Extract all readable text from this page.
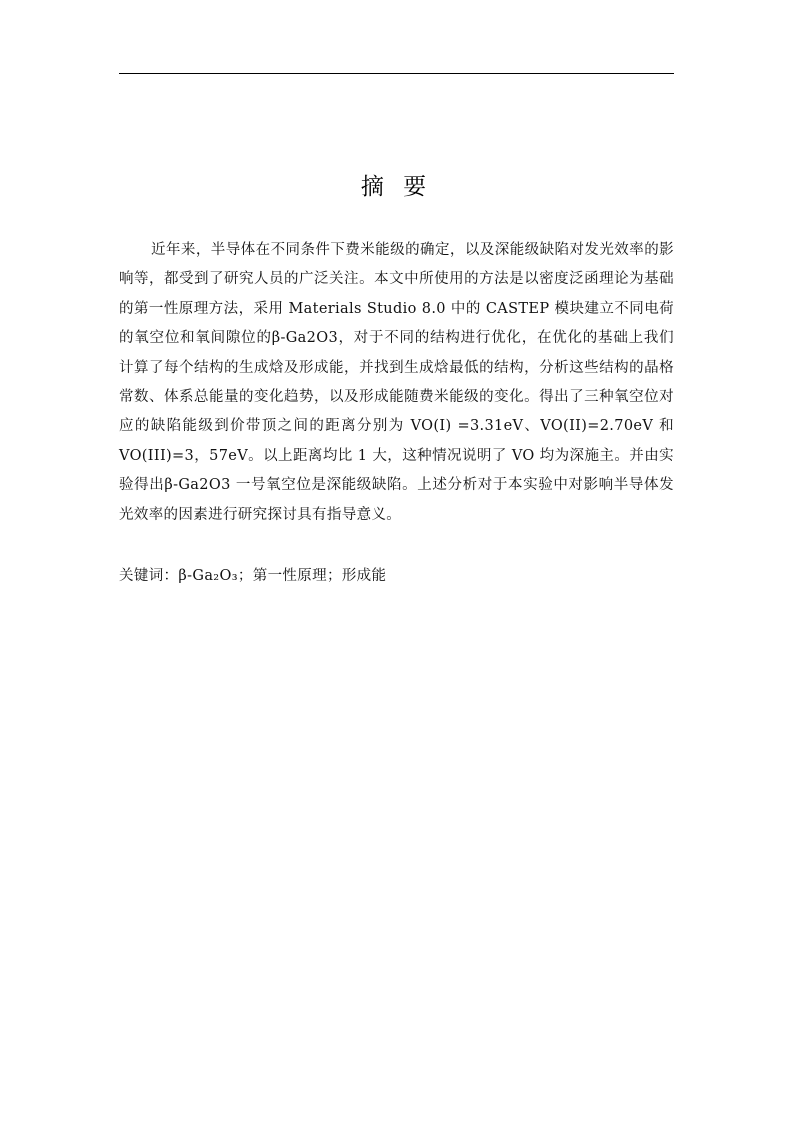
摘 要

近年来，半导体在不同条件下费米能级的确定，以及深能级缺陷对发光效率的影响等，都受到了研究人员的广泛关注。本文中所使用的方法是以密度泛函理论为基础的第一性原理方法，采用 Materials Studio 8.0 中的 CASTEP 模块建立不同电荷的氧空位和氧间隙位的β-Ga2O3，对于不同的结构进行优化，在优化的基础上我们计算了每个结构的生成焓及形成能，并找到生成焓最低的结构，分析这些结构的晶格常数、体系总能量的变化趋势，以及形成能随费米能级的变化。得出了三种氧空位对应的缺陷能级到价带顶之间的距离分别为 VO(I) =3.31eV、VO(II)=2.70eV 和 VO(III)=3，57eV。以上距离均比 1 大，这种情况说明了 VO 均为深施主。并由实验得出β-Ga2O3 一号氧空位是深能级缺陷。上述分析对于本实验中对影响半导体发光效率的因素进行研究探讨具有指导意义。

关键词：β-Ga₂O₃；第一性原理；形成能
